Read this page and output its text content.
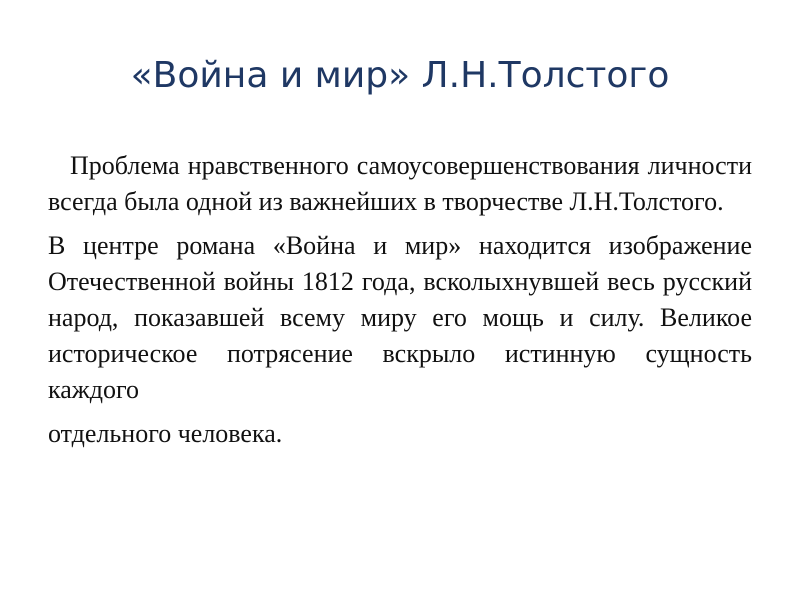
«Война и мир» Л.Н.Толстого

Проблема нравственного самоусовершенствования личности всегда была одной из важнейших в творчестве Л.Н.Толстого.

В центре романа «Война и мир» находится изображение Отечественной войны 1812 года, всколыхнувшей весь русский народ, показавшей всему миру его мощь и силу. Великое историческое потрясение вскрыло истинную сущность каждого

отдельного человека.
